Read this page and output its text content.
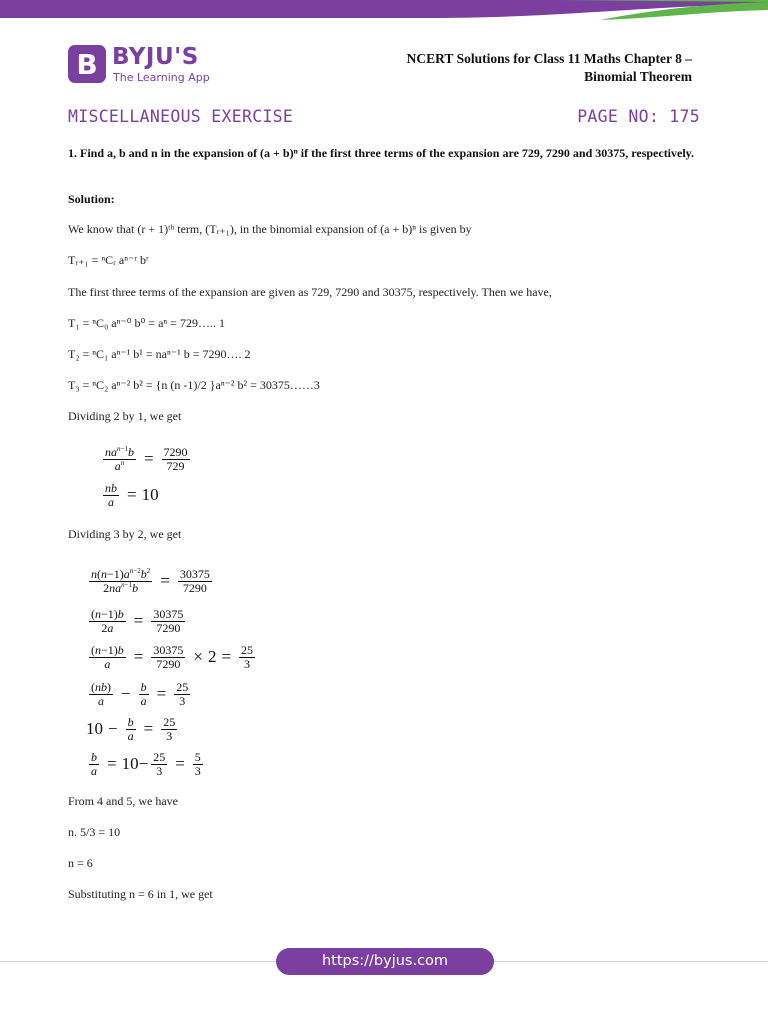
B BYJU'S
The Learning App
NCERT Solutions for Class 11 Maths Chapter 8 –
Binomial Theorem
MISCELLANEOUS EXERCISE	PAGE NO: 175
1. Find a, b and n in the expansion of (a + b)ⁿ if the first three terms of the expansion are 729, 7290 and 30375, respectively.
Solution:
We know that (r + 1)ᵗʰ term, (Tᵣ₊₁), in the binomial expansion of (a + b)ⁿ is given by
Tᵣ₊₁ = ⁿCᵣ aⁿ⁻ʳ bʳ
The first three terms of the expansion are given as 729, 7290 and 30375, respectively. Then we have,
T₁ = ⁿC₀ aⁿ⁻⁰ b⁰ = aⁿ = 729….. 1
T₂ = ⁿC₁ aⁿ⁻¹ b¹ = naⁿ⁻¹ b = 7290…. 2
T₃ = ⁿC₂ aⁿ⁻² b² = {n (n -1)/2 }aⁿ⁻² b² = 30375……3
Dividing 2 by 1, we get
$\frac{na^{n-1}b}{a^n} = \frac{7290}{729}$
$\frac{nb}{a} = 10$
Dividing 3 by 2, we get
$\frac{n(n-1)a^{n-2}b^2}{2na^{n-1}b} = \frac{30375}{7290}$
$\frac{(n-1)b}{2a} = \frac{30375}{7290}$
$\frac{(n-1)b}{a} = \frac{30375}{7290} \times 2 = \frac{25}{3}$
$\frac{(nb)}{a} - \frac{b}{a} = \frac{25}{3}$
$10 - \frac{b}{a} = \frac{25}{3}$
$\frac{b}{a} = 10 - \frac{25}{3} = \frac{5}{3}$
From 4 and 5, we have
n. 5/3 = 10
n = 6
Substituting n = 6 in 1, we get
https://byjus.com
